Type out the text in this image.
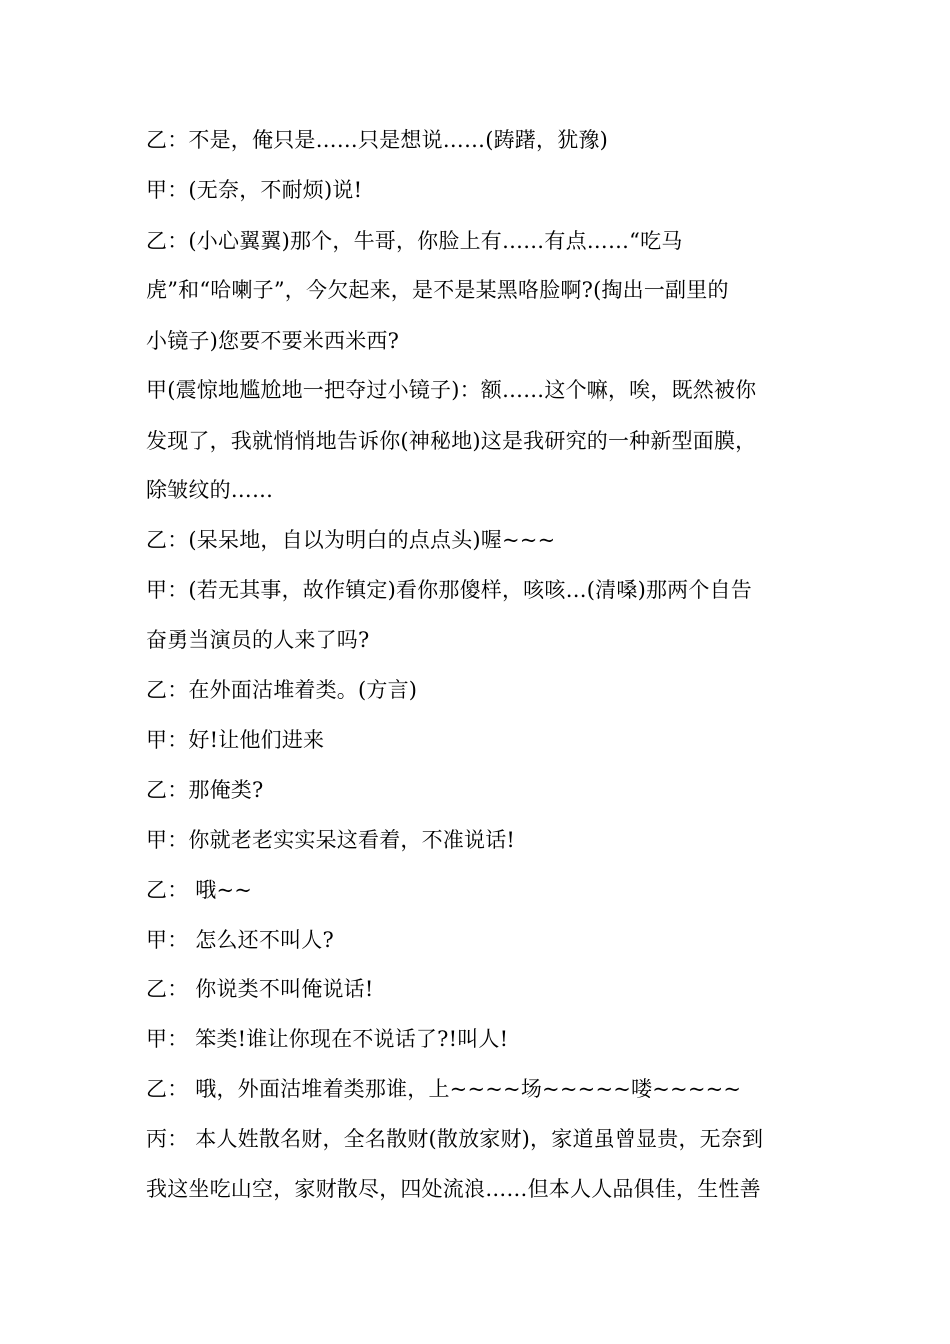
乙：不是，俺只是……只是想说……(踌躇，犹豫)
甲：(无奈，不耐烦)说!
乙：(小心翼翼)那个，牛哥，你脸上有……有点……“吃马
虎”和“哈喇子”，今欠起来，是不是某黑咯脸啊?(掏出一副里的
小镜子)您要不要米西米西?
甲(震惊地尴尬地一把夺过小镜子)：额……这个嘛，唉，既然被你
发现了，我就悄悄地告诉你(神秘地)这是我研究的一种新型面膜，
除皱纹的……
乙：(呆呆地，自以为明白的点点头)喔~~~
甲：(若无其事，故作镇定)看你那傻样，咳咳…(清嗓)那两个自告
奋勇当演员的人来了吗?
乙：在外面沽堆着类。(方言)
甲：好!让他们进来
乙：那俺类?
甲：你就老老实实呆这看着，不准说话!
乙： 哦~~
甲： 怎么还不叫人?
乙： 你说类不叫俺说话!
甲： 笨类!谁让你现在不说话了?!叫人!
乙： 哦，外面沽堆着类那谁，上~~~~场~~~~~喽~~~~~
丙： 本人姓散名财，全名散财(散放家财)，家道虽曾显贵，无奈到
我这坐吃山空，家财散尽，四处流浪……但本人人品俱佳，生性善
